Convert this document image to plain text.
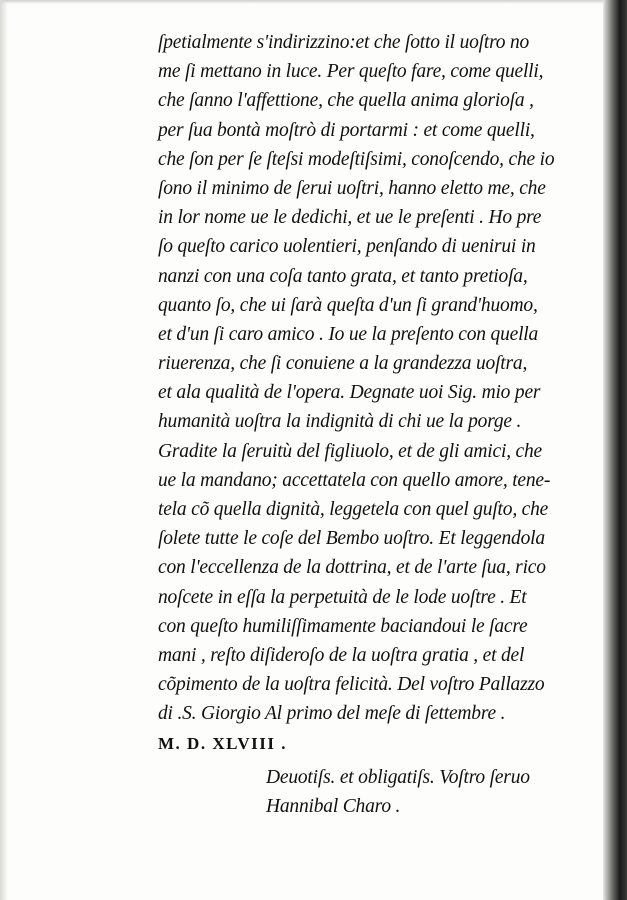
ſpetialmente s'indirizzino:et che ſotto il uoſtro no
me ſi mettano in luce. Per queſto fare, come quelli,
che ſanno l'affettione, che quella anima glorioſa ,
per ſua bontà moſtrò di portarmi : et come quelli,
che ſon per ſe ſteſsi modeſtiſsimi, conoſcendo, che io
ſono il minimo de ſerui uoſtri, hanno eletto me, che
in lor nome ue le dedichi, et ue le preſenti . Ho pre
ſo queſto carico uolentieri, penſando di uenirui in
nanzi con una coſa tanto grata, et tanto pretioſa,
quanto ſo, che ui ſarà queſta d'un ſi grand'huomo,
et d'un ſi caro amico . Io ue la preſento con quella
riuerenza, che ſi conuiene a la grandezza uoſtra,
et ala qualità de l'opera. Degnate uoi Sig. mio per
humanità uoſtra la indignità di chi ue la porge .
Gradite la ſeruitù del figliuolo, et de gli amici, che
ue la mandano; accettatela con quello amore, tene-
tela cõ quella dignità, leggetela con quel guſto, che
ſolete tutte le coſe del Bembo uoſtro. Et leggendola
con l'eccellenza de la dottrina, et de l'arte ſua, rico
noſcete in eſſa la perpetuità de le lode uoſtre . Et
con queſto humiliſſimamente baciandoui le ſacre
mani , reſto diſideroſo de la uoſtra gratia , et del
cõpimento de la uoſtra felicità. Del voſtro Pallazzo
di .S. Giorgio Al primo del meſe di ſettembre .
M. D. XLVIII .
Deuotiſs. et obligatiſs. Voſtro ſeruo
Hannibal Charo .
